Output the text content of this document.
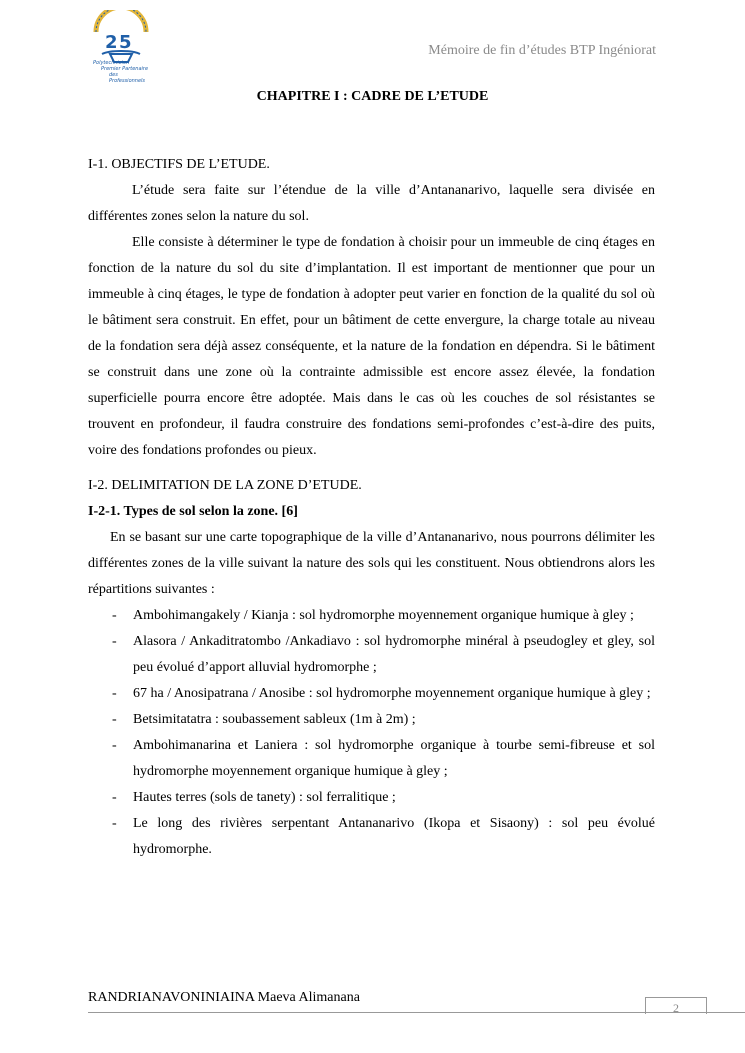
2 5
Polytechnicien
Premier Partenaire
des Professionnels
Mémoire de fin d’études BTP Ingéniorat
CHAPITRE I : CADRE DE L’ETUDE

I-1. OBJECTIFS DE L’ETUDE.

L’étude sera faite sur l’étendue de la ville d’Antananarivo, laquelle sera divisée en différentes zones selon la nature du sol.

Elle consiste à déterminer le type de fondation à choisir pour un immeuble de cinq étages en fonction de la nature du sol du site d’implantation. Il est important de mentionner que pour un immeuble à cinq étages, le type de fondation à adopter peut varier en fonction de la qualité du sol où le bâtiment sera construit. En effet, pour un bâtiment de cette envergure, la charge totale au niveau de la fondation sera déjà assez conséquente, et la nature de la fondation en dépendra. Si le bâtiment se construit dans une zone où la contrainte admissible est encore assez élevée, la fondation superficielle pourra encore être adoptée. Mais dans le cas où les couches de sol résistantes se trouvent en profondeur, il faudra construire des fondations semi-profondes c’est-à-dire des puits, voire des fondations profondes ou pieux.

I-2. DELIMITATION DE LA ZONE D’ETUDE.

I-2-1. Types de sol selon la zone. [6]

En se basant sur une carte topographique de la ville d’Antananarivo, nous pourrons délimiter les différentes zones de la ville suivant la nature des sols qui les constituent. Nous obtiendrons alors les répartitions suivantes :

- Ambohimangakely / Kianja : sol hydromorphe moyennement organique humique à gley ;
- Alasora / Ankaditratombo /Ankadiavo : sol hydromorphe minéral à pseudogley et gley, sol peu évolué d’apport alluvial hydromorphe ;
- 67 ha / Anosipatrana / Anosibe : sol hydromorphe moyennement organique humique à gley ;
- Betsimitatatra : soubassement sableux (1m à 2m) ;
- Ambohimanarina et Laniera : sol hydromorphe organique à tourbe semi-fibreuse et sol hydromorphe moyennement organique humique à gley ;
- Hautes terres (sols de tanety) : sol ferralitique ;
- Le long des rivières serpentant Antananarivo (Ikopa et Sisaony) : sol peu évolué hydromorphe.
RANDRIANAVONINIAINA Maeva Alimanana
2
